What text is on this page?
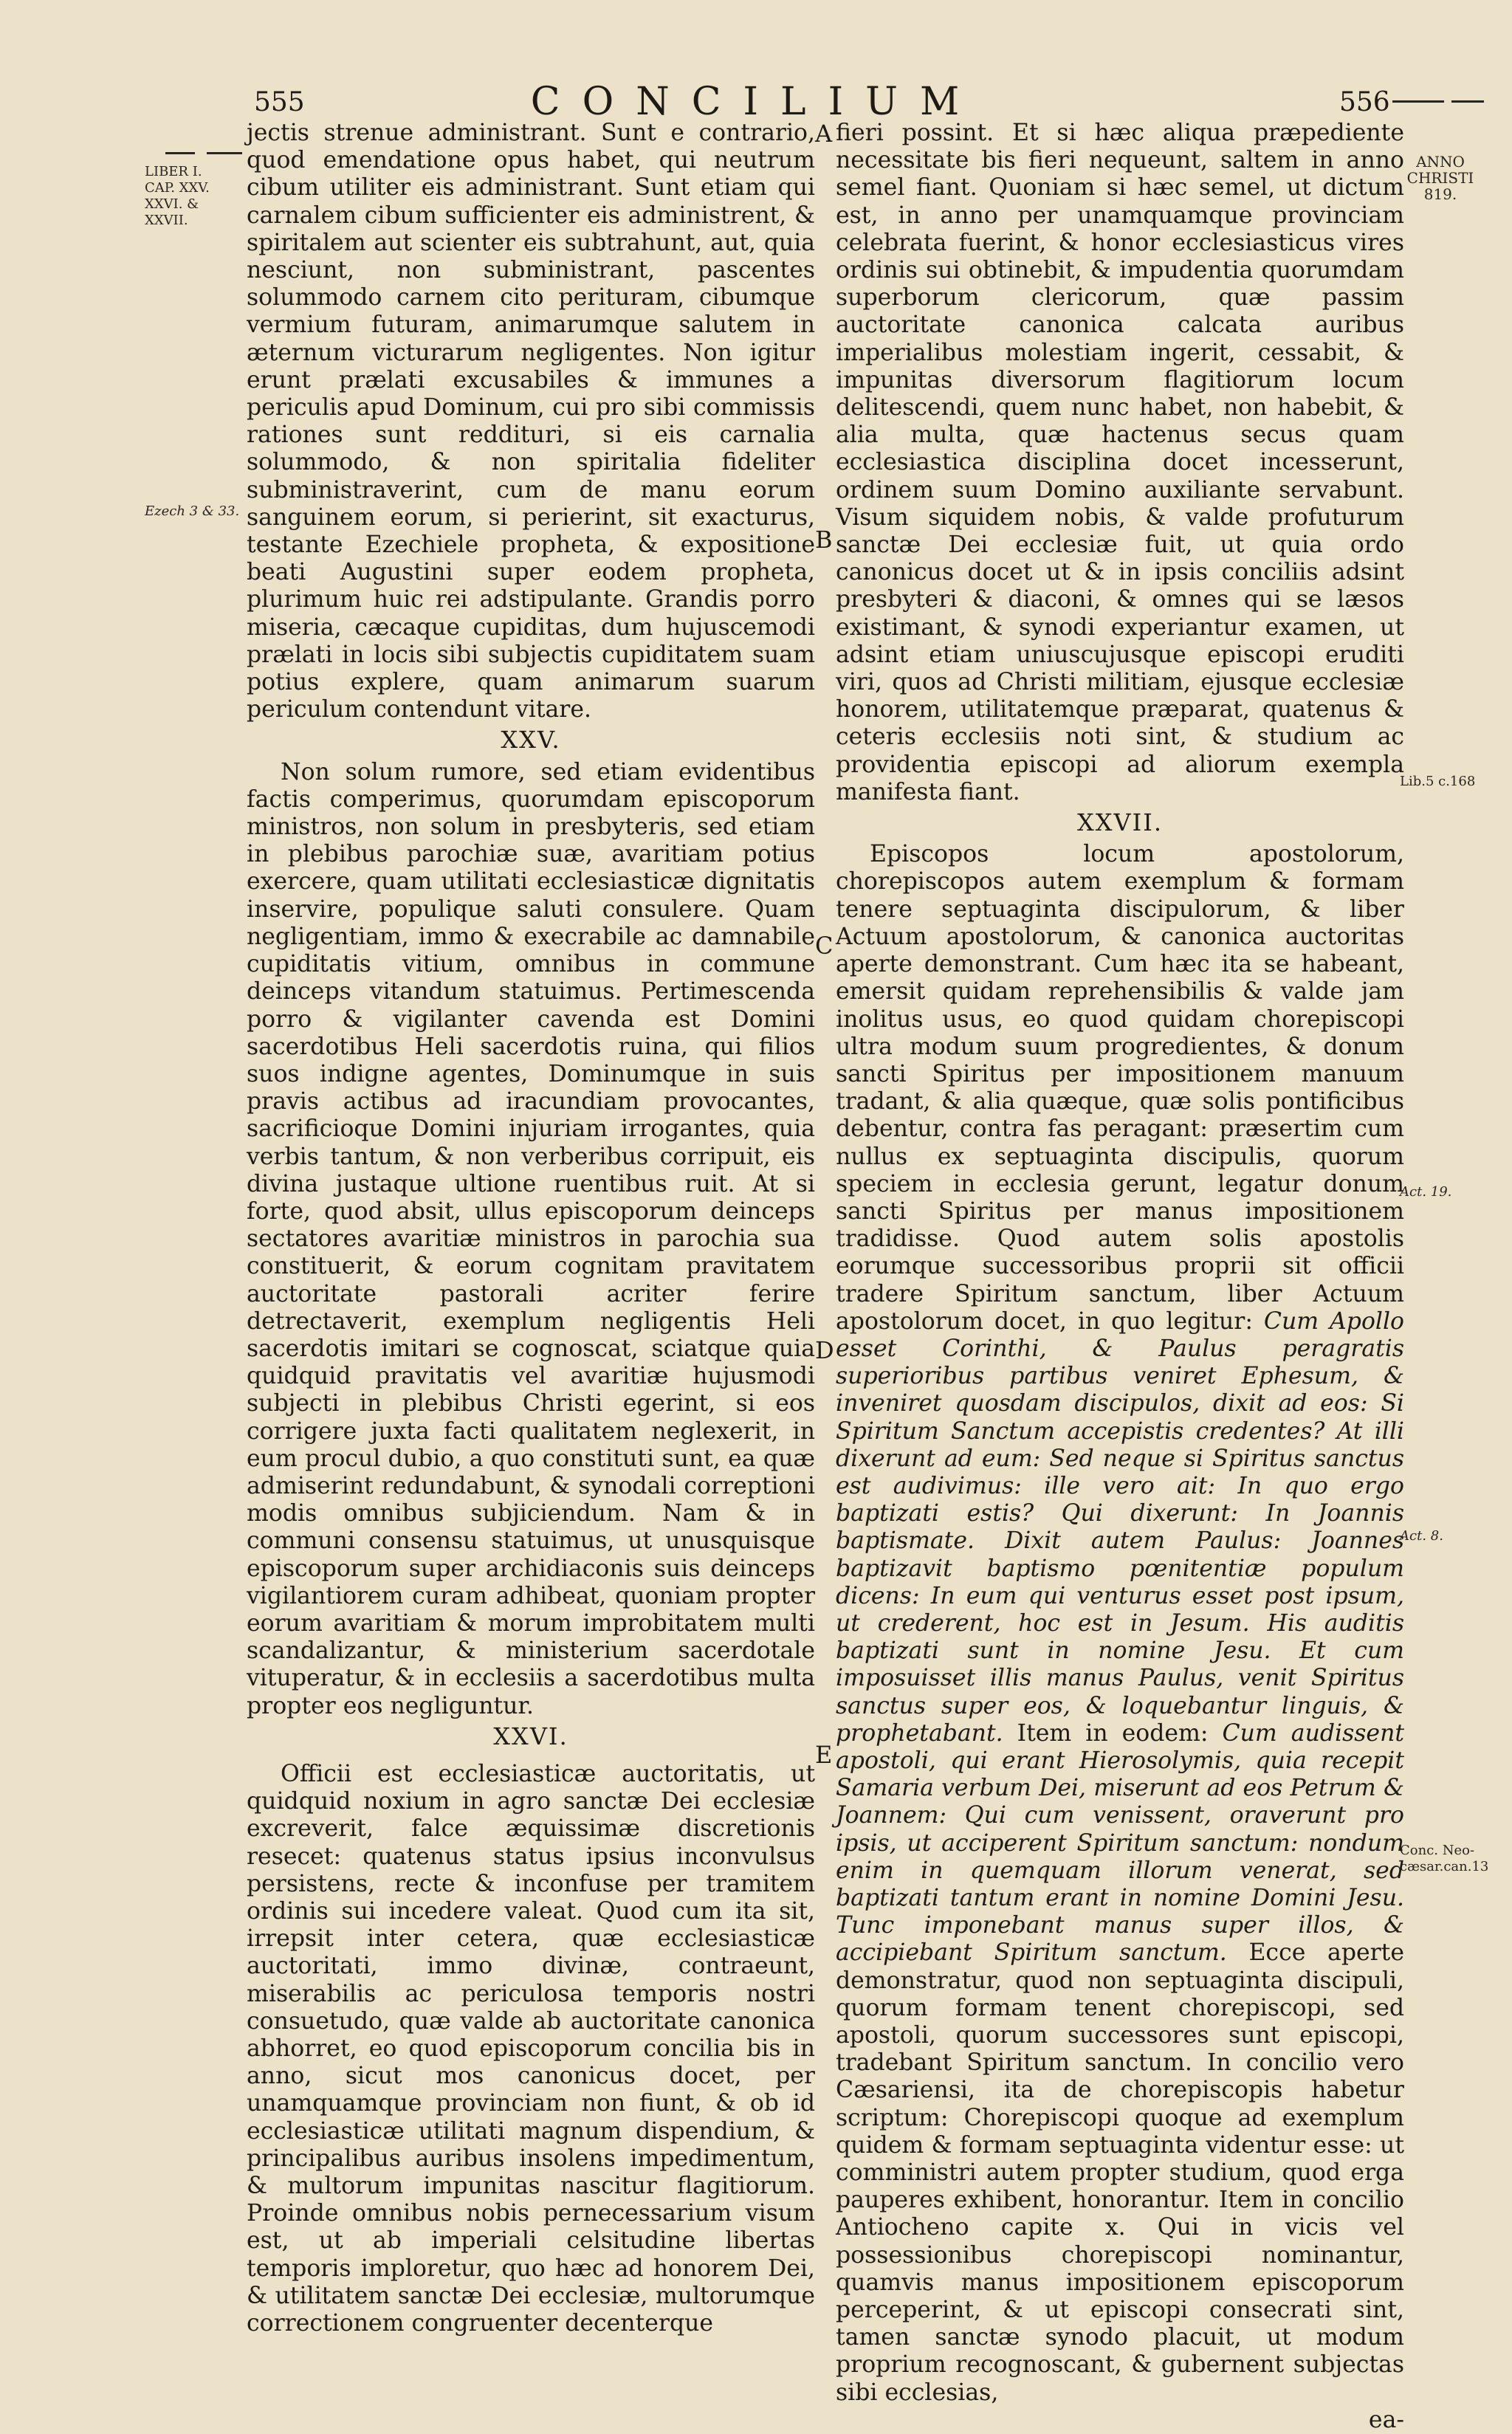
555	CONCILIUM	556
LIBER I.
CAP. XXV.
XXVI. &
XXVII.
Ezech 3 & 33.
ANNO
CHRISTI
819.
Lib.5 c.168
Act. 19.
Act. 8.
Conc. Neo-
cæsar.can.13
A
B
C
D
E

jectis strenue administrant. Sunt e contrario, quod emendatione opus habet, qui neutrum cibum utiliter eis administrant. Sunt etiam qui carnalem cibum sufficienter eis administrent, & spiritalem aut scienter eis subtrahunt, aut, quia nesciunt, non subministrant, pascentes solummodo carnem cito perituram, cibumque vermium futuram, animarumque salutem in æternum victurarum negligentes. Non igitur erunt prælati excusabiles & immunes a periculis apud Dominum, cui pro sibi commissis rationes sunt redditurі, si eis carnalia solummodo, & non spiritalia fideliter subministraverint, cum de manu eorum sanguinem eorum, si perierint, sit exacturus, testante Ezechiele propheta, & expositione beati Augustini super eodem propheta, plurimum huic rei adstipulante. Grandis porro miseria, cæcaque cupiditas, dum hujuscemodi prælati in locis sibi subjectis cupiditatem suam potius explere, quam animarum suarum periculum contendunt vitare.

XXV.

Non solum rumore, sed etiam evidentibus factis comperimus, quorumdam episcoporum ministros, non solum in presbyteris, sed etiam in plebibus parochiæ suæ, avaritiam potius exercere, quam utilitati ecclesiasticæ dignitatis inservire, populique saluti consulere. Quam negligentiam, immo & execrabile ac damnabile cupiditatis vitium, omnibus in commune deinceps vitandum statuimus. Pertimescenda porro & vigilanter cavenda est Domini sacerdotibus Heli sacerdotis ruina, qui filios suos indigne agentes, Dominumque in suis pravis actibus ad iracundiam provocantes, sacrificioque Domini injuriam irrogantes, quia verbis tantum, & non verberibus corripuit, eis divina justaque ultione ruentibus ruit. At si forte, quod absit, ullus episcoporum deinceps sectatores avaritiæ ministros in parochia sua constituerit, & eorum cognitam pravitatem auctoritate pastorali acriter ferire detrectaverit, exemplum negligentis Heli sacerdotis imitari se cognoscat, sciatque quia quidquid pravitatis vel avaritiæ hujusmodi subjecti in plebibus Christi egerint, si eos corrigere juxta facti qualitatem neglexerit, in eum procul dubio, a quo constituti sunt, ea quæ admiserint redundabunt, & synodali correptioni modis omnibus subjiciendum. Nam & in communi consensu statuimus, ut unusquisque episcoporum super archidiaconis suis deinceps vigilantiorem curam adhibeat, quoniam propter eorum avaritiam & morum improbitatem multi scandalizantur, & ministerium sacerdotale vituperatur, & in ecclesiis a sacerdotibus multa propter eos negliguntur.

XXVI.

Officii est ecclesiasticæ auctoritatis, ut quidquid noxium in agro sanctæ Dei ecclesiæ excreverit, falce æquissimæ discretionis resecet: quatenus status ipsius inconvulsus persistens, recte & inconfuse per tramitem ordinis sui incedere valeat. Quod cum ita sit, irrepsit inter cetera, quæ ecclesiasticæ auctoritati, immo divinæ, contraeunt, miserabilis ac periculosa temporis nostri consuetudo, quæ valde ab auctoritate canonica abhorret, eo quod episcoporum concilia bis in anno, sicut mos canonicus docet, per unamquamque provinciam non fiunt, & ob id ecclesiasticæ utilitati magnum dispendium, & principalibus auribus insolens impedimentum, & multorum impunitas nascitur flagitiorum. Proinde omnibus nobis pernecessarium visum est, ut ab imperiali celsitudine libertas temporis imploretur, quo hæc ad honorem Dei, & utilitatem sanctæ Dei ecclesiæ, multorumque correctionem congruenter decenterque

fieri possint. Et si hæc aliqua præpediente necessitate bis fieri nequeunt, saltem in anno semel fiant. Quoniam si hæc semel, ut dictum est, in anno per unamquamque provinciam celebrata fuerint, & honor ecclesiasticus vires ordinis sui obtinebit, & impudentia quorumdam superborum clericorum, quæ passim auctoritate canonica calcata auribus imperialibus molestiam ingerit, cessabit, & impunitas diversorum flagitiorum locum delitescendi, quem nunc habet, non habebit, & alia multa, quæ hactenus secus quam ecclesiastica disciplina docet incesserunt, ordinem suum Domino auxiliante servabunt. Visum siquidem nobis, & valde profuturum sanctæ Dei ecclesiæ fuit, ut quia ordo canonicus docet ut & in ipsis conciliis adsint presbyteri & diaconi, & omnes qui se læsos existimant, & synodi experiantur examen, ut adsint etiam uniuscujusque episcopi eruditi viri, quos ad Christi militiam, ejusque ecclesiæ honorem, utilitatemque præparat, quatenus & ceteris ecclesiis noti sint, & studium ac providentia episcopi ad aliorum exempla manifesta fiant.

XXVII.

Episcopos locum apostolorum, chorepiscopos autem exemplum & formam tenere septuaginta discipulorum, & liber Actuum apostolorum, & canonica auctoritas aperte demonstrant. Cum hæc ita se habeant, emersit quidam reprehensibilis & valde jam inolitus usus, eo quod quidam chorepiscopi ultra modum suum progredientes, & donum sancti Spiritus per impositionem manuum tradant, & alia quæque, quæ solis pontificibus debentur, contra fas peragant: præsertim cum nullus ex septuaginta discipulis, quorum speciem in ecclesia gerunt, legatur donum sancti Spiritus per manus impositionem tradidisse. Quod autem solis apostolis eorumque successoribus proprii sit officii tradere Spiritum sanctum, liber Actuum apostolorum docet, in quo legitur: Cum Apollo esset Corinthi, & Paulus peragratis superioribus partibus veniret Ephesum, & inveniret quosdam discipulos, dixit ad eos: Si Spiritum Sanctum accepistis credentes? At illi dixerunt ad eum: Sed neque si Spiritus sanctus est audivimus: ille vero ait: In quo ergo baptizati estis? Qui dixerunt: In Joannis baptismate. Dixit autem Paulus: Joannes baptizavit baptismo pœnitentiæ populum dicens: In eum qui venturus esset post ipsum, ut crederent, hoc est in Jesum. His auditis baptizati sunt in nomine Jesu. Et cum imposuisset illis manus Paulus, venit Spiritus sanctus super eos, & loquebantur linguis, & prophetabant. Item in eodem: Cum audissent apostoli, qui erant Hierosolymis, quia recepit Samaria verbum Dei, miserunt ad eos Petrum & Joannem: Qui cum venissent, oraverunt pro ipsis, ut acciperent Spiritum sanctum: nondum enim in quemquam illorum venerat, sed baptizati tantum erant in nomine Domini Jesu. Tunc imponebant manus super illos, & accipiebant Spiritum sanctum. Ecce aperte demonstratur, quod non septuaginta discipuli, quorum formam tenent chorepiscopi, sed apostoli, quorum successores sunt episcopi, tradebant Spiritum sanctum. In concilio vero Cæsariensi, ita de chorepiscopis habetur scriptum: Chorepiscopi quoque ad exemplum quidem & formam septuaginta videntur esse: ut comministri autem propter studium, quod erga pauperes exhibent, honorantur. Item in concilio Antiocheno capite x. Qui in vicis vel possessionibus chorepiscopi nominantur, quamvis manus impositionem episcoporum perceperint, & ut episcopi consecrati sint, tamen sanctæ synodo placuit, ut modum proprium recognoscant, & gubernent subjectas sibi ecclesias,

ea-
